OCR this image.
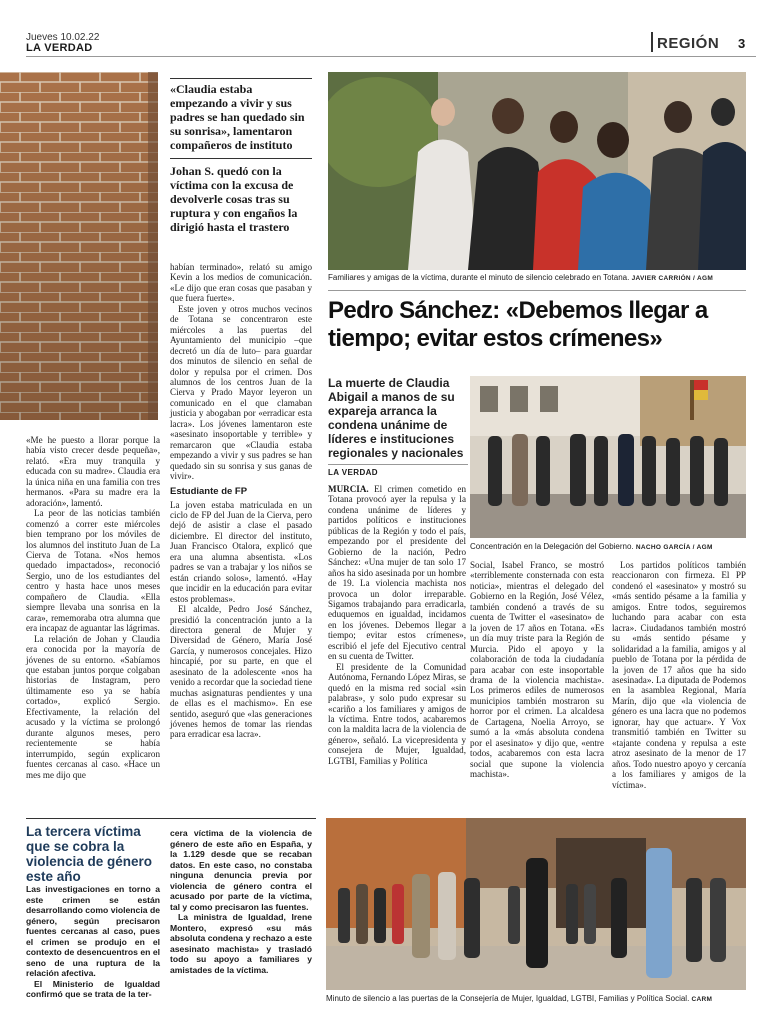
Jueves 10.02.22
LA VERDAD	REGIÓN 3
«Claudia estaba empezando a vivir y sus padres se han quedado sin su sonrisa», lamentaron compañeros de instituto
Johan S. quedó con la víctima con la excusa de devolverle cosas tras su ruptura y con engaños la dirigió hasta el trastero

«Me he puesto a llorar porque la había visto crecer desde pequeña», relató. «Era muy tranquila y educada con su madre». Claudia era la única niña en una familia con tres hermanos. «Para su madre era la adoración», lamentó.

La peor de las noticias también comenzó a correr este miércoles bien temprano por los móviles de los alumnos del instituto Juan de La Cierva de Totana. «Nos hemos quedado impactados», reconoció Sergio, uno de los estudiantes del centro y hasta hace unos meses compañero de Claudia. «Ella siempre llevaba una sonrisa en la cara», rememoraba otra alumna que era incapaz de aguantar las lágrimas.

La relación de Johan y Claudia era conocida por la mayoría de jóvenes de su entorno. «Sabíamos que estaban juntos porque colgaban historias de Instagram, pero últimamente eso ya se había cortado», explicó Sergio. Efectivamente, la relación del acusado y la víctima se prolongó durante algunos meses, pero recientemente se había interrumpido, según explicaron fuentes cercanas al caso. «Hace un mes me dijo que

habían terminado», relató su amigo Kevin a los medios de comunicación. «Le dijo que eran cosas que pasaban y que fuera fuerte».

Este joven y otros muchos vecinos de Totana se concentraron este miércoles a las puertas del Ayuntamiento del municipio –que decretó un día de luto– para guardar dos minutos de silencio en señal de dolor y repulsa por el crimen. Dos alumnos de los centros Juan de la Cierva y Prado Mayor leyeron un comunicado en el que clamaban justicia y abogaban por «erradicar esta lacra». Los jóvenes lamentaron este «asesinato insoportable y terrible» y remarcaron que «Claudia estaba empezando a vivir y sus padres se han quedado sin su sonrisa y sus ganas de vivir».

Estudiante de FP

La joven estaba matriculada en un ciclo de FP del Juan de la Cierva, pero dejó de asistir a clase el pasado diciembre. El director del instituto, Juan Francisco Otalora, explicó que era una alumna absentista. «Los padres se van a trabajar y los niños se están criando solos», lamentó. «Hay que incidir en la educación para evitar estos problemas».

El alcalde, Pedro José Sánchez, presidió la concentración junto a la directora general de Mujer y Diversidad de Género, María José García, y numerosos concejales. Hizo hincapié, por su parte, en que el asesinato de la adolescente «nos ha venido a recordar que la sociedad tiene muchas asignaturas pendientes y una de ellas es el machismo». En ese sentido, aseguró que «las generaciones jóvenes hemos de tomar las riendas para erradicar esa lacra».

Familiares y amigas de la víctima, durante el minuto de silencio celebrado en Totana. JAVIER CARRIÓN / AGM
Pedro Sánchez: «Debemos llegar a tiempo; evitar estos crímenes»
La muerte de Claudia Abigail a manos de su expareja arranca la condena unánime de líderes e instituciones regionales y nacionales
LA VERDAD
Concentración en la Delegación del Gobierno. NACHO GARCÍA / AGM

MURCIA. El crimen cometido en Totana provocó ayer la repulsa y la condena unánime de líderes y partidos políticos e instituciones públicas de la Región y todo el país, empezando por el presidente del Gobierno de la nación, Pedro Sánchez: «Una mujer de tan solo 17 años ha sido asesinada por un hombre de 19. La violencia machista nos provoca un dolor irreparable. Sigamos trabajando para erradicarla, eduquemos en igualdad, incidamos en los jóvenes. Debemos llegar a tiempo; evitar estos crímenes», escribió el jefe del Ejecutivo central en su cuenta de Twitter.

El presidente de la Comunidad Autónoma, Fernando López Miras, se quedó en la misma red social «sin palabras», y solo pudo expresar su «cariño a los familiares y amigos de la víctima. Entre todos, acabaremos con la maldita lacra de la violencia de género», señaló. La vicepresidenta y consejera de Mujer, Igualdad, LGTBI, Familias y Política

Social, Isabel Franco, se mostró «terriblemente consternada con esta noticia», mientras el delegado del Gobierno en la Región, José Vélez, también condenó a través de su cuenta de Twitter el «asesinato» de la joven de 17 años en Totana. «Es un día muy triste para la Región de Murcia. Pido el apoyo y la colaboración de toda la ciudadanía para acabar con este insoportable drama de la violencia machista». Los primeros ediles de numerosos municipios también mostraron su horror por el crimen. La alcaldesa de Cartagena, Noelia Arroyo, se sumó a la «más absoluta condena por el asesinato» y dijo que, «entre todos, acabaremos con esta lacra social que supone la violencia machista».

Los partidos políticos también reaccionaron con firmeza. El PP condenó el «asesinato» y mostró su «más sentido pésame a la familia y amigos. Entre todos, seguiremos luchando para acabar con esta lacra». Ciudadanos también mostró su «más sentido pésame y solidaridad a la familia, amigos y al pueblo de Totana por la pérdida de la joven de 17 años que ha sido asesinada». La diputada de Podemos en la asamblea Regional, María Marín, dijo que «la violencia de género es una lacra que no podemos ignorar, hay que actuar». Y Vox transmitió también en Twitter su «tajante condena y repulsa a este atroz asesinato de la menor de 17 años. Todo nuestro apoyo y cercanía a los familiares y amigos de la víctima».

La tercera víctima que se cobra la violencia de género este año

Las investigaciones en torno a este crimen se están desarrollando como violencia de género, según precisaron fuentes cercanas al caso, pues el crimen se produjo en el contexto de desencuentros en el seno de una ruptura de la relación afectiva.

El Ministerio de Igualdad confirmó que se trata de la ter-

cera víctima de la violencia de género de este año en España, y la 1.129 desde que se recaban datos. En este caso, no constaba ninguna denuncia previa por violencia de género contra el acusado por parte de la víctima, tal y como precisaron las fuentes.

La ministra de Igualdad, Irene Montero, expresó «su más absoluta condena y rechazo a este asesinato machista» y trasladó todo su apoyo a familiares y amistades de la víctima.

Minuto de silencio a las puertas de la Consejería de Mujer, Igualdad, LGTBI, Familias y Política Social. CARM
